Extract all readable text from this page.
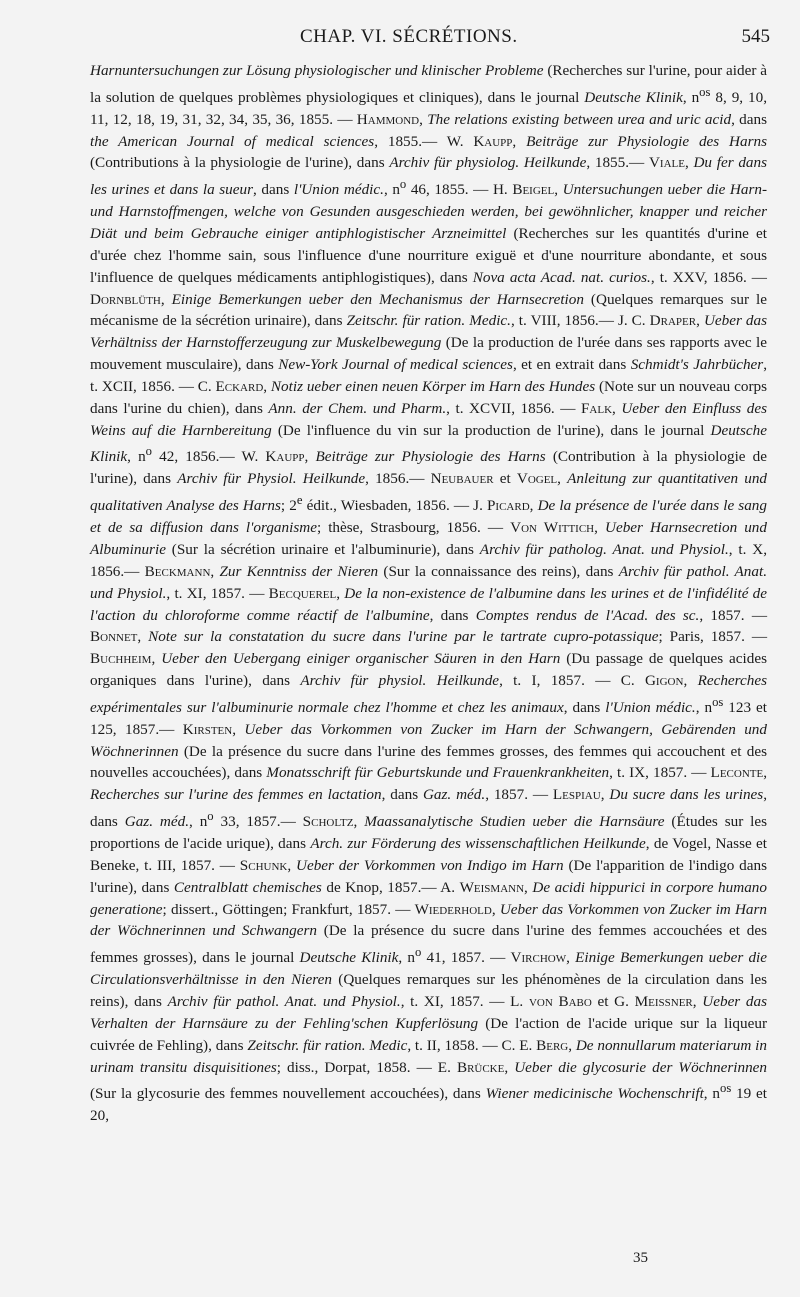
CHAP. VI. SÉCRÉTIONS.	545

Harnuntersuchungen zur Lösung physiologischer und klinischer Probleme (Recherches sur l'urine, pour aider à la solution de quelques problèmes physiologiques et cliniques), dans le journal Deutsche Klinik, $n^{os}$ 8, 9, 10, 11, 12, 18, 19, 31, 32, 34, 35, 36, 1855. — Hammond, The relations existing between urea and uric acid, dans the American Journal of medical sciences, 1855.— W. Kaupp, Beiträge zur Physiologie des Harns (Contributions à la physiologie de l'urine), dans Archiv für physiolog. Heilkunde, 1855.— Viale, Du fer dans les urines et dans la sueur, dans l'Union médic., $n^o$ 46, 1855. — H. Beigel, Untersuchungen ueber die Harn- und Harnstoffmengen, welche von Gesunden ausgeschieden werden, bei gewöhnlicher, knapper und reicher Diät und beim Gebrauche einiger antiphlogistischer Arzneimittel (Recherches sur les quantités d'urine et d'urée chez l'homme sain, sous l'influence d'une nourriture exiguë et d'une nourriture abondante, et sous l'influence de quelques médicaments antiphlogistiques), dans Nova acta Acad. nat. curios., t. XXV, 1856. — Dornblüth, Einige Bemerkungen ueber den Mechanismus der Harnsecretion (Quelques remarques sur le mécanisme de la sécrétion urinaire), dans Zeitschr. für ration. Medic., t. VIII, 1856.— J. C. Draper, Ueber das Verhältniss der Harnstofferzeugung zur Muskelbewegung (De la production de l'urée dans ses rapports avec le mouvement musculaire), dans New-York Journal of medical sciences, et en extrait dans Schmidt's Jahrbücher, t. XCII, 1856. — C. Eckard, Notiz ueber einen neuen Körper im Harn des Hundes (Note sur un nouveau corps dans l'urine du chien), dans Ann. der Chem. und Pharm., t. XCVII, 1856. — Falk, Ueber den Einfluss des Weins auf die Harnbereitung (De l'influence du vin sur la production de l'urine), dans le journal Deutsche Klinik, $n^o$ 42, 1856.— W. Kaupp, Beiträge zur Physiologie des Harns (Contribution à la physiologie de l'urine), dans Archiv für Physiol. Heilkunde, 1856.— Neubauer et Vogel, Anleitung zur quantitativen und qualitativen Analyse des Harns; 2e édit., Wiesbaden, 1856. — J. Picard, De la présence de l'urée dans le sang et de sa diffusion dans l'organisme; thèse, Strasbourg, 1856. — Von Wittich, Ueber Harnsecretion und Albuminurie (Sur la sécrétion urinaire et l'albuminurie), dans Archiv für patholog. Anat. und Physiol., t. X, 1856.— Beckmann, Zur Kenntniss der Nieren (Sur la connaissance des reins), dans Archiv für pathol. Anat. und Physiol., t. XI, 1857. — Becquerel, De la non-existence de l'albumine dans les urines et de l'infidélité de l'action du chloroforme comme réactif de l'albumine, dans Comptes rendus de l'Acad. des sc., 1857. — Bonnet, Note sur la constatation du sucre dans l'urine par le tartrate cupro-potassique; Paris, 1857. — Buchheim, Ueber den Uebergang einiger organischer Säuren in den Harn (Du passage de quelques acides organiques dans l'urine), dans Archiv für physiol. Heilkunde, t. I, 1857. — C. Gigon, Recherches expérimentales sur l'albuminurie normale chez l'homme et chez les animaux, dans l'Union médic., $n^{os}$ 123 et 125, 1857.— Kirsten, Ueber das Vorkommen von Zucker im Harn der Schwangern, Gebärenden und Wöchnerinnen (De la présence du sucre dans l'urine des femmes grosses, des femmes qui accouchent et des nouvelles accouchées), dans Monatsschrift für Geburtskunde und Frauenkrankheiten, t. IX, 1857. — Leconte, Recherches sur l'urine des femmes en lactation, dans Gaz. méd., 1857. — Lespiau, Du sucre dans les urines, dans Gaz. méd., $n^o$ 33, 1857.— Scholtz, Maassanalytische Studien ueber die Harnsäure (Études sur les proportions de l'acide urique), dans Arch. zur Förderung des wissenschaftlichen Heilkunde, de Vogel, Nasse et Beneke, t. III, 1857. — Schunk, Ueber der Vorkommen von Indigo im Harn (De l'apparition de l'indigo dans l'urine), dans Centralblatt chemisches de Knop, 1857.— A. Weismann, De acidi hippurici in corpore humano generatione; dissert., Göttingen; Frankfurt, 1857. — Wiederhold, Ueber das Vorkommen von Zucker im Harn der Wöchnerinnen und Schwangern (De la présence du sucre dans l'urine des femmes accouchées et des femmes grosses), dans le journal Deutsche Klinik, $n^o$ 41, 1857. — Virchow, Einige Bemerkungen ueber die Circulationsverhältnisse in den Nieren (Quelques remarques sur les phénomènes de la circulation dans les reins), dans Archiv für pathol. Anat. und Physiol., t. XI, 1857. — L. von Babo et G. Meissner, Ueber das Verhalten der Harnsäure zu der Fehling'schen Kupferlösung (De l'action de l'acide urique sur la liqueur cuivrée de Fehling), dans Zeitschr. für ration. Medic, t. II, 1858. — C. E. Berg, De nonnullarum materiarum in urinam transitu disquisitiones; diss., Dorpat, 1858. — E. Brücke, Ueber die glycosurie der Wöchnerinnen (Sur la glycosurie des femmes nouvellement accouchées), dans Wiener medicinische Wochenschrift, $n^{os}$ 19 et 20,

35
